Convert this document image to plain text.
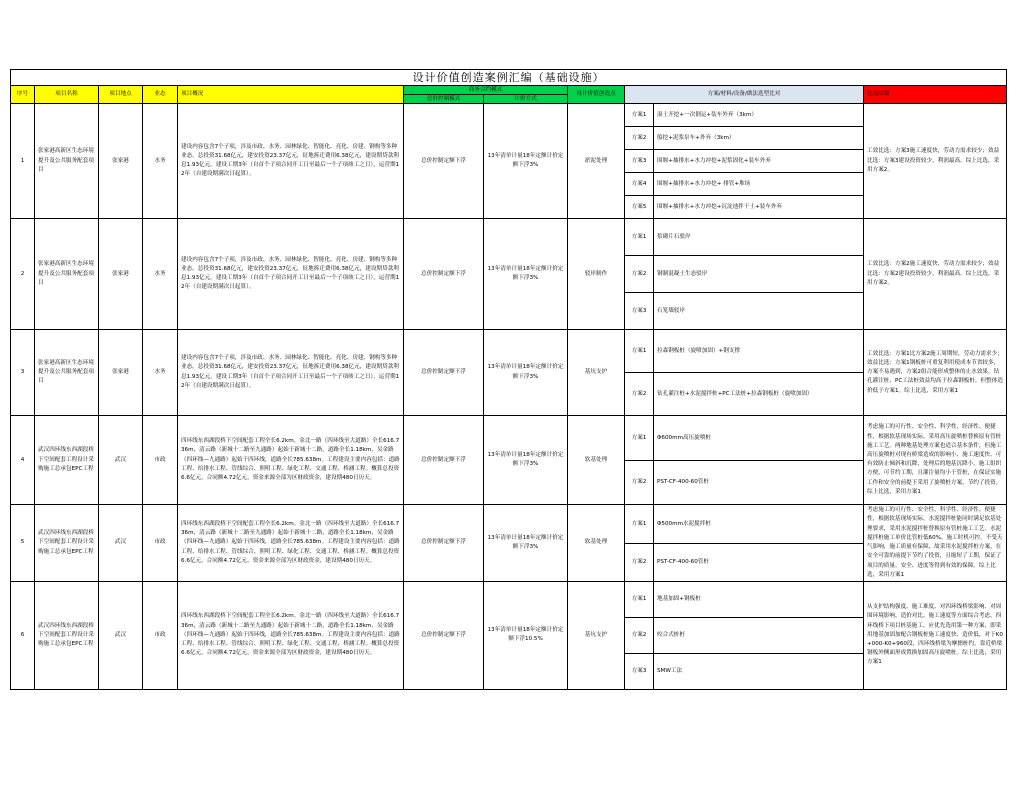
设计价值创造案例汇编（基础设施）										
序号	项目名称	项目地点	业态	项目概况	商务合约模式		设计价值创造点	方案/材料/设备/做法选型比对		比选结果
					总价控制模式	计价方式				
1	张家港高新区生态环境提升及公共服务配套项目	张家港	水务	建设内容包含7个子项，涉及市政、水务、园林绿化、智能化、亮化、房建、钢构等多种业态。总投资31.68亿元，建安投资23.37亿元，征地拆迁费用6.38亿元，建设期贷款利息1.93亿元。建设工期3年（自首个子项合同开工日至最后一个子项竣工之日），运营期12年（自建设期满次日起算）。	总价控制定额下浮	13年清单计量18年定额计价定额下浮3%	淤泥处理	方案1	湿土开挖+一次倒运+装车外弃（3km）	工效比选：方案3施工速度快，劳动力需求较少；效益比选：方案3建设投资较少，利润最高。综上比选，采用方案2。
								方案2	船挖+泥浆泵车+外弃（3km）	
								方案3	围堰+抽排水+水力冲挖+泥浆固化+装车外弃	
								方案4	围堰+抽排水+水力冲挖+ 排管+堆场	
								方案5	围堰+抽排水+水力冲挖+沉淀池拌干土+装车外弃	
2	张家港高新区生态环境提升及公共服务配套项目	张家港	水务	建设内容包含7个子项，涉及市政、水务、园林绿化、智能化、亮化、房建、钢构等多种业态。总投资31.68亿元，建安投资23.37亿元，征地拆迁费用6.38亿元，建设期贷款利息1.93亿元。建设工期3年（自首个子项合同开工日至最后一个子项竣工之日），运营期12年（自建设期满次日起算）。	总价控制定额下浮	13年清单计量18年定额计价定额下浮3%	驳岸制作	方案1	浆砌片石驳岸	工效比选：方案2施工速度快，劳动力需求较少；效益比选：方案2建设投资较少，利润最高。综上比选，采用方案2。
								方案2	钢制混凝土生态驳岸	
								方案3	石笼墙驳岸	
3	张家港高新区生态环境提升及公共服务配套项目	张家港	水务	建设内容包含7个子项，涉及市政、水务、园林绿化、智能化、亮化、房建、钢构等多种业态。总投资31.68亿元，建安投资23.37亿元，征地拆迁费用6.38亿元，建设期贷款利息1.93亿元。建设工期3年（自首个子项合同开工日至最后一个子项竣工之日），运营期12年（自建设期满次日起算）。	总价控制定额下浮	13年清单计量18年定额计价定额下浮3%	基坑支护	方案1	拉森钢板桩（旋喷加固）+钢支撑	工效比选：方案1比方案2施工周期短，劳动力需求少；效益比选：方案1钢板桩可重复利用使成本节省较多，方案不易遇到，方案2组合能形成整体的止水效果，钻孔灌注桩、PC工法桩效益均高于拉森钢板桩，但整体造价低于方案1。综上比选，采用方案1
								方案2	钻孔灌注桩+水泥搅拌桩+PC工法桩+拉森钢板桩（旋喷加固）	
4	武汉四环线东西湖段桥下空间配套工程设计采购施工总承包EPC工程	武汉	市政	四环线东西湖段桥下空间配套工程全长6.2km。金北一路（四环线至大道路）全长616.736m，清云路（新城十二路至九通路）起始于新城十二路，道路全长1.18km，吴金路（四环线—九通路）起始于四环线，道路全长785.638m。工程建设主要内容包括：道路工程、给排水工程、管线综合、照明工程、绿化工程、交通工程、桥涵工程。概算总投资6.6亿元，合同额4.72亿元，资金来源全部为区财政资金，建设期480日历天。	总价控制定额下浮	13年清单计量18年定额计价定额下浮3%	软基处理	方案1	Φ600mm高压旋喷桩	考虑施工的可行性、安全性、科学性、经济性、便捷性，根据软基现场实际，采用高压旋喷桩替换原有管桩施工工艺。两种地基处理方案也适合基本条件，但施工高压旋喷桩对现有桥梁造成的影响小、施工速度快、可有效防止倾斜和沉降，处理后的地基沉降小，施工组织方便，可节约工期，且灌注量均小于管桩，在保证实施工作和安全的前提下采用了旋喷桩方案，节约了投资。综上比选，采用方案1
								方案2	PST-CF-400-60管桩	
5	武汉四环线东西湖段桥下空间配套工程设计采购施工总承包EPC工程	武汉	市政	四环线东西湖段桥下空间配套工程全长6.2km。金北一路（四环线至大道路）全长616.736m，清云路（新城十二路至九通路）起始于新城十二路，道路全长1.18km，吴金路（四环线—九通路）起始于四环线，道路全长785.638m。工程建设主要内容包括：道路工程、给排水工程、管线综合、照明工程、绿化工程、交通工程、桥涵工程。概算总投资6.6亿元，合同额4.72亿元，资金来源全部为区财政资金，建设期480日历天。	总价控制定额下浮	13年清单计量18年定额计价定额下浮3%	软基处理	方案1	Φ500mm水泥搅拌桩	考虑施工的可行性、安全性、科学性、经济性、便捷性，根据软基现场实际，水泥搅拌桩能同时满足软基处理要求，采用水泥搅拌桩替换原有管桩施工工艺。水泥搅拌桩施工单价比管桩低60%，施工时机可控，不受天气影响，施工质量有保障，故采用水泥搅拌桩方案，在安全可靠的前提下节约了投资，且缩短了工期，保证了项目的质量、安全、进度等得到有效的保障。综上比选，采用方案1
								方案2	PST-CF-400-60管桩	
6	武汉四环线东西湖段桥下空间配套工程设计采购施工总承包EPC工程	武汉	市政	四环线东西湖段桥下空间配套工程全长6.2km。金北一路（四环线至大道路）全长616.736m，清云路（新城十二路至九通路）起始于新城十二路，道路全长1.18km，吴金路（四环线—九通路）起始于四环线，道路全长785.638m。工程建设主要内容包括：道路工程、给排水工程、管线综合、照明工程、绿化工程、交通工程、桥涵工程。概算总投资6.6亿元，合同额4.72亿元，资金来源全部为区财政资金，建设期480日历天。	总价控制定额下浮	13年清单计量18年定额计价定额下浮10.5%	基坑支护	方案1	地基加固+钢板桩	从支护结构强度、施工难度、对四环线桥梁影响、对周围环境影响、造价对比、施工速度等方面综合考虑，四环线桥下项目桩基施工，应优先选用第一种方案，即采用地基加固加配合钢板桩施工速度快、造价低，对于K0+000-K0+960段，四环线桥梁为摩擦桩约，靠近桥梁钢板外侧面形成置换加固高压旋喷桩。综上比选，采用方案1
								方案2	咬合式桩桩	
								方案3	SMW工法	
